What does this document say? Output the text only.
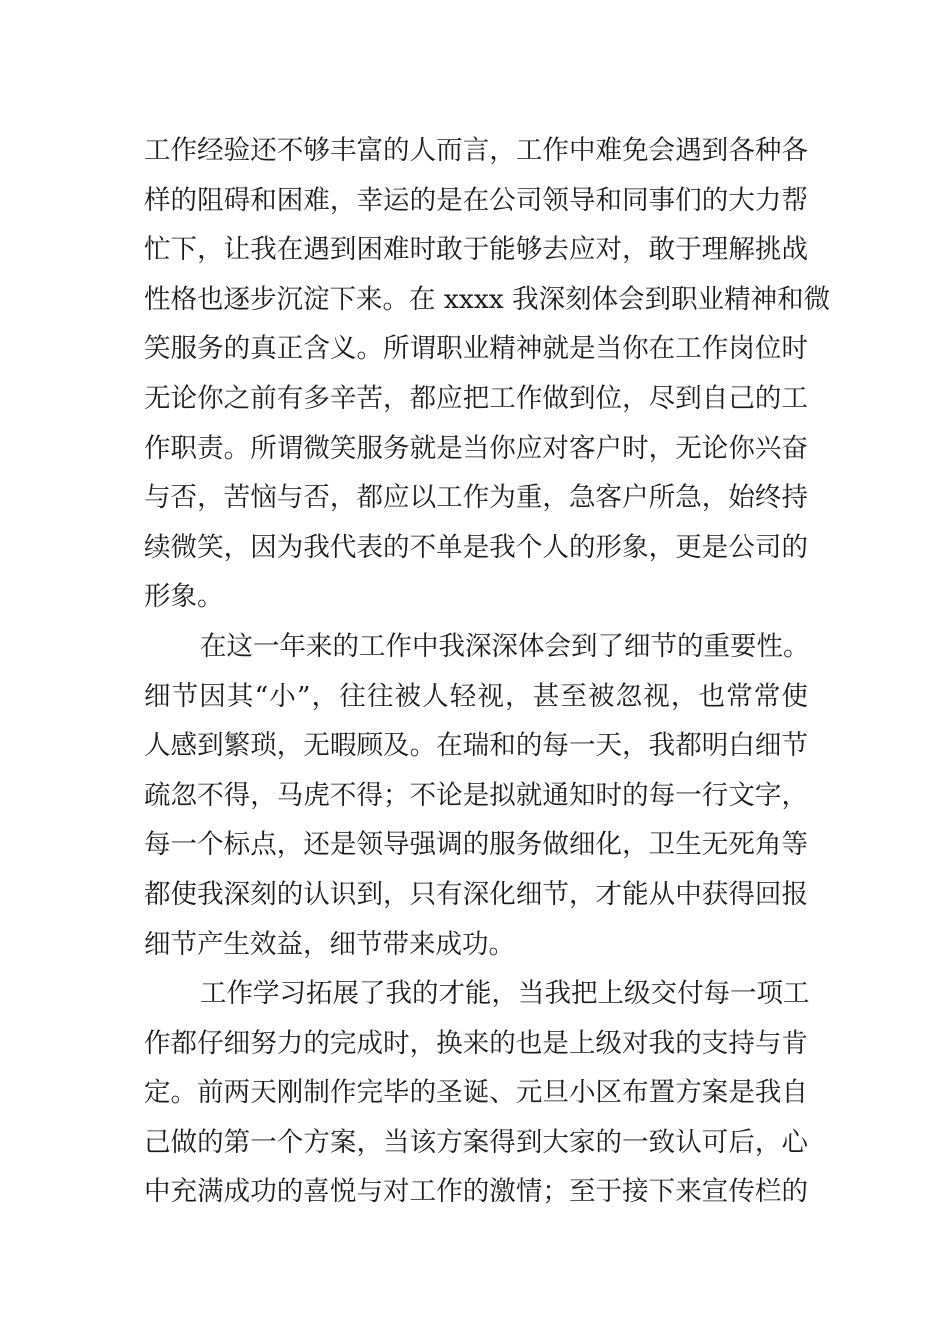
工作经验还不够丰富的人而言，工作中难免会遇到各种各
样的阻碍和困难，幸运的是在公司领导和同事们的大力帮
忙下，让我在遇到困难时敢于能够去应对，敢于理解挑战
性格也逐步沉淀下来。在 xxxx 我深刻体会到职业精神和微
笑服务的真正含义。所谓职业精神就是当你在工作岗位时
无论你之前有多辛苦，都应把工作做到位，尽到自己的工
作职责。所谓微笑服务就是当你应对客户时，无论你兴奋
与否，苦恼与否，都应以工作为重，急客户所急，始终持
续微笑，因为我代表的不单是我个人的形象，更是公司的
形象。
在这一年来的工作中我深深体会到了细节的重要性。
细节因其“小”，往往被人轻视，甚至被忽视，也常常使
人感到繁琐，无暇顾及。在瑞和的每一天，我都明白细节
疏忽不得，马虎不得；不论是拟就通知时的每一行文字，
每一个标点，还是领导强调的服务做细化，卫生无死角等
都使我深刻的认识到，只有深化细节，才能从中获得回报
细节产生效益，细节带来成功。
工作学习拓展了我的才能，当我把上级交付每一项工
作都仔细努力的完成时，换来的也是上级对我的支持与肯
定。前两天刚制作完毕的圣诞、元旦小区布置方案是我自
己做的第一个方案，当该方案得到大家的一致认可后，心
中充满成功的喜悦与对工作的激情；至于接下来宣传栏的
